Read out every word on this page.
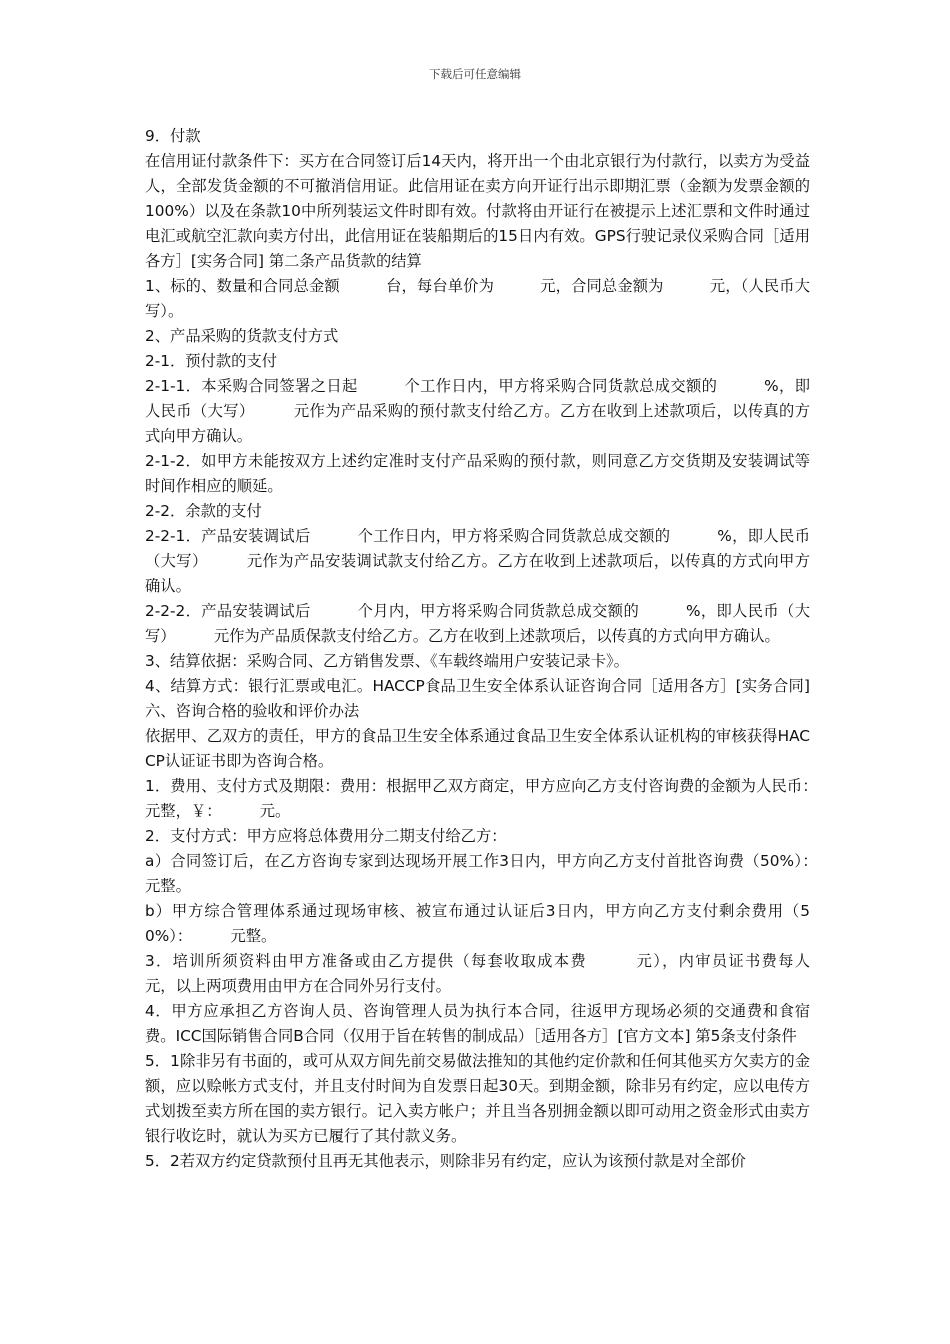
下载后可任意编辑

9．付款

在信用证付款条件下：买方在合同签订后14天内，将开出一个由北京银行为付款行，以卖方为受益人，全部发货金额的不可撤消信用证。此信用证在卖方向开证行出示即期汇票（金额为发票金额的100%）以及在条款10中所列装运文件时即有效。付款将由开证行在被提示上述汇票和文件时通过电汇或航空汇款向卖方付出，此信用证在装船期后的15日内有效。GPS行驶记录仪采购合同［适用各方］[实务合同] 第二条产品货款的结算

1、标的、数量和合同总金额　　　台，每台单价为　　　元，合同总金额为　　　元，（人民币大写）。

2、产品采购的货款支付方式

2-1．预付款的支付

2-1-1．本采购合同签署之日起　　　个工作日内，甲方将采购合同货款总成交额的　　　%，即人民币（大写）　　　元作为产品采购的预付款支付给乙方。乙方在收到上述款项后，以传真的方式向甲方确认。

2-1-2．如甲方未能按双方上述约定准时支付产品采购的预付款，则同意乙方交货期及安装调试等时间作相应的顺延。

2-2．余款的支付

2-2-1．产品安装调试后　　　个工作日内，甲方将采购合同货款总成交额的　　　%，即人民币（大写）　　　元作为产品安装调试款支付给乙方。乙方在收到上述款项后，以传真的方式向甲方确认。

2-2-2．产品安装调试后　　　个月内，甲方将采购合同货款总成交额的　　　%，即人民币（大写）　　　元作为产品质保款支付给乙方。乙方在收到上述款项后，以传真的方式向甲方确认。

3、结算依据：采购合同、乙方销售发票、《车载终端用户安装记录卡》。

4、结算方式：银行汇票或电汇。HACCP食品卫生安全体系认证咨询合同［适用各方］[实务合同] 六、咨询合格的验收和评价办法

依据甲、乙双方的责任，甲方的食品卫生安全体系通过食品卫生安全体系认证机构的审核获得HACCP认证证书即为咨询合格。

1．费用、支付方式及期限：费用：根据甲乙双方商定，甲方应向乙方支付咨询费的金额为人民币：　　　元整，￥：　　　元。

2．支付方式：甲方应将总体费用分二期支付给乙方：

a）合同签订后，在乙方咨询专家到达现场开展工作3日内，甲方向乙方支付首批咨询费（50%）：　　　元整。

b）甲方综合管理体系通过现场审核、被宣布通过认证后3日内，甲方向乙方支付剩余费用（50%）：　　　元整。

3．培训所须资料由甲方准备或由乙方提供（每套收取成本费　　　元），内审员证书费每人　　　元，以上两项费用由甲方在合同外另行支付。

4．甲方应承担乙方咨询人员、咨询管理人员为执行本合同，往返甲方现场必须的交通费和食宿费。ICC国际销售合同B合同（仅用于旨在转售的制成品）［适用各方］[官方文本] 第5条支付条件

5．1除非另有书面的，或可从双方间先前交易做法推知的其他约定价款和任何其他买方欠卖方的金额，应以赊帐方式支付，并且支付时间为自发票日起30天。到期金额，除非另有约定，应以电传方式划拨至卖方所在国的卖方银行。记入卖方帐户；并且当各别拥金额以即可动用之资金形式由卖方银行收讫时，就认为买方已履行了其付款义务。

5．2若双方约定贷款预付且再无其他表示，则除非另有约定，应认为该预付款是对全部价
